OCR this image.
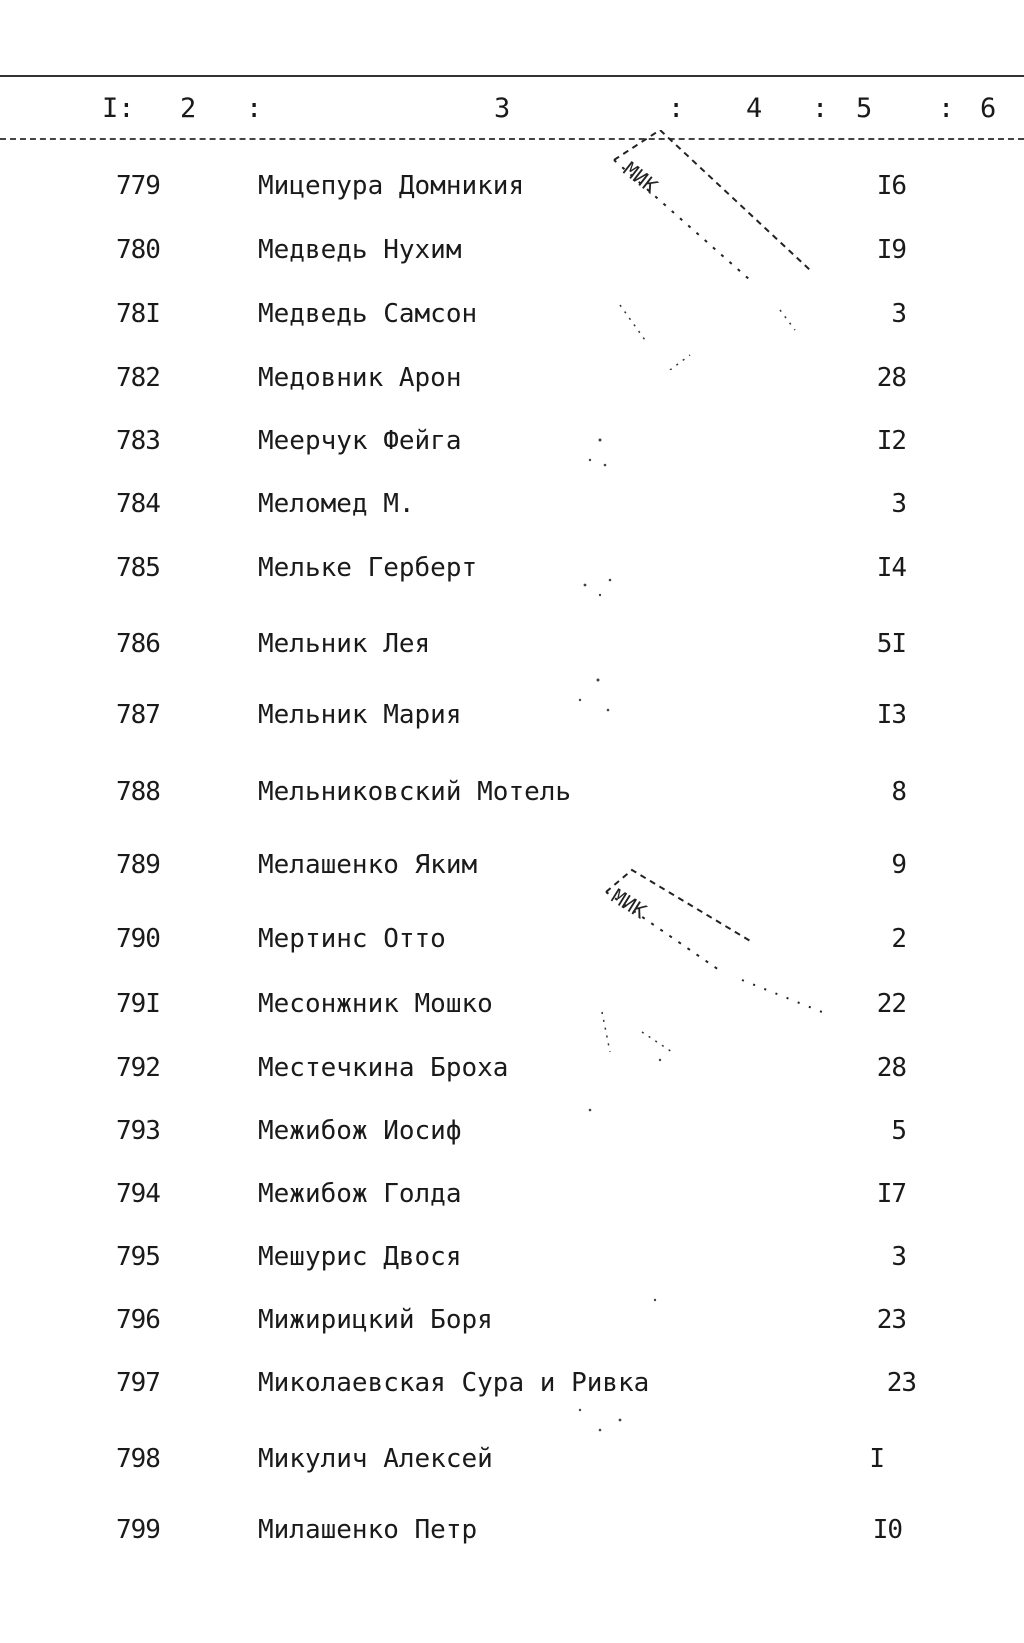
I: 2 :	3	: 4 : 5 : 6
779	Мицепура Домникия	I6
780	Медведь Нухим	I9
78I	Медведь Самсон	3
782	Медовник Арон	28
783	Меерчук Фейга	I2
784	Меломед М.	3
785	Мельке Герберт	I4
786	Мельник Лея	5I
787	Мельник Мария	I3
788	Мельниковский Мотель	8
789	Мелашенко Яким	9
790	Мертинс Отто	2
79I	Месонжник Мошко	22
792	Местечкина Броха	28
793	Межибож Иосиф	5
794	Межибож Голда	I7
795	Мешурис Двося	3
796	Мижирицкий Боря	23
797	Миколаевская Сура и Ривка	23
798	Микулич Алексей	I
799	Милашенко Петр	I0
МИК
МИК
